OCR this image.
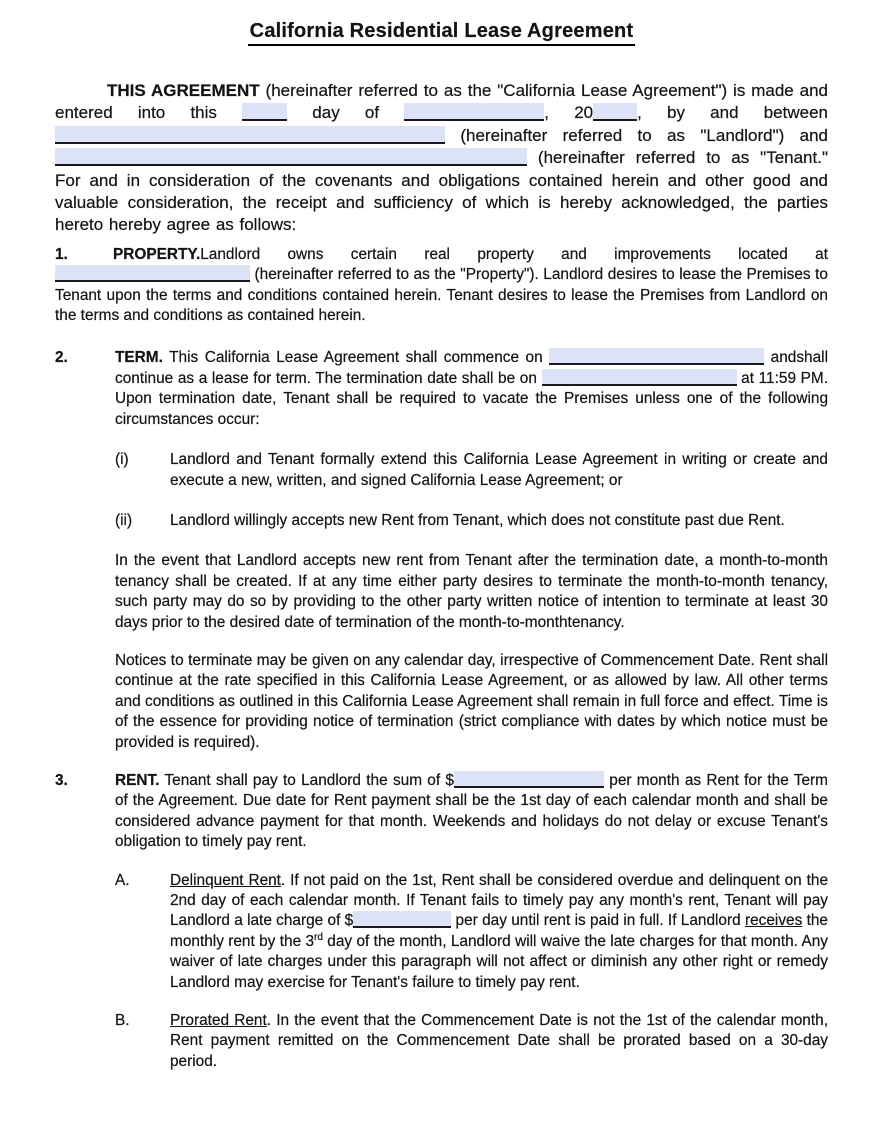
California Residential Lease Agreement

THIS AGREEMENT (hereinafter referred to as the "California Lease Agreement") is made and entered into this	day of	, 20	, by and between  (hereinafter referred to as "Landlord") and  (hereinafter referred to as "Tenant." For and in consideration of the covenants and obligations contained herein and other good and valuable consideration, the receipt and sufficiency of which is hereby acknowledged, the parties hereto hereby agree as follows:

1.	PROPERTY.Landlord owns certain real property and improvements located at  (hereinafter referred to as the "Property"). Landlord desires to lease the Premises to Tenant upon the terms and conditions contained herein. Tenant desires to lease the Premises from Landlord on the terms and conditions as contained herein.

2.	TERM. This California Lease Agreement shall commence on	andshall continue as a lease for term. The termination date shall be on	at 11:59 PM. Upon termination date, Tenant shall be required to vacate the Premises unless one of the following circumstances occur:

(i)	Landlord and Tenant formally extend this California Lease Agreement in writing or create and execute a new, written, and signed California Lease Agreement; or

(ii) Landlord willingly accepts new Rent from Tenant, which does not constitute past due Rent.

In the event that Landlord accepts new rent from Tenant after the termination date, a month-to-month tenancy shall be created. If at any time either party desires to terminate the month-to-month tenancy, such party may do so by providing to the other party written notice of intention to terminate at least 30 days prior to the desired date of termination of the month-to-monthtenancy.

Notices to terminate may be given on any calendar day, irrespective of Commencement Date. Rent shall continue at the rate specified in this California Lease Agreement, or as allowed by law. All other terms and conditions as outlined in this California Lease Agreement shall remain in full force and effect. Time is of the essence for providing notice of termination (strict compliance with dates by which notice must be provided is required).

3.	RENT. Tenant shall pay to Landlord the sum of $	per month as Rent for the Term of the Agreement. Due date for Rent payment shall be the 1st day of each calendar month and shall be considered advance payment for that month. Weekends and holidays do not delay or excuse Tenant's obligation to timely pay rent.

A.	Delinquent Rent. If not paid on the 1st, Rent shall be considered overdue and delinquent on the 2nd day of each calendar month. If Tenant fails to timely pay any month's rent, Tenant will pay Landlord a late charge of $	per day until rent is paid in full. If Landlord receives the monthly rent by the 3rd day of the month, Landlord will waive the late charges for that month. Any waiver of late charges under this paragraph will not affect or diminish any other right or remedy Landlord may exercise for Tenant's failure to timely pay rent.

B.	Prorated Rent. In the event that the Commencement Date is not the 1st of the calendar month, Rent payment remitted on the Commencement Date shall be prorated based on a 30-day period.
